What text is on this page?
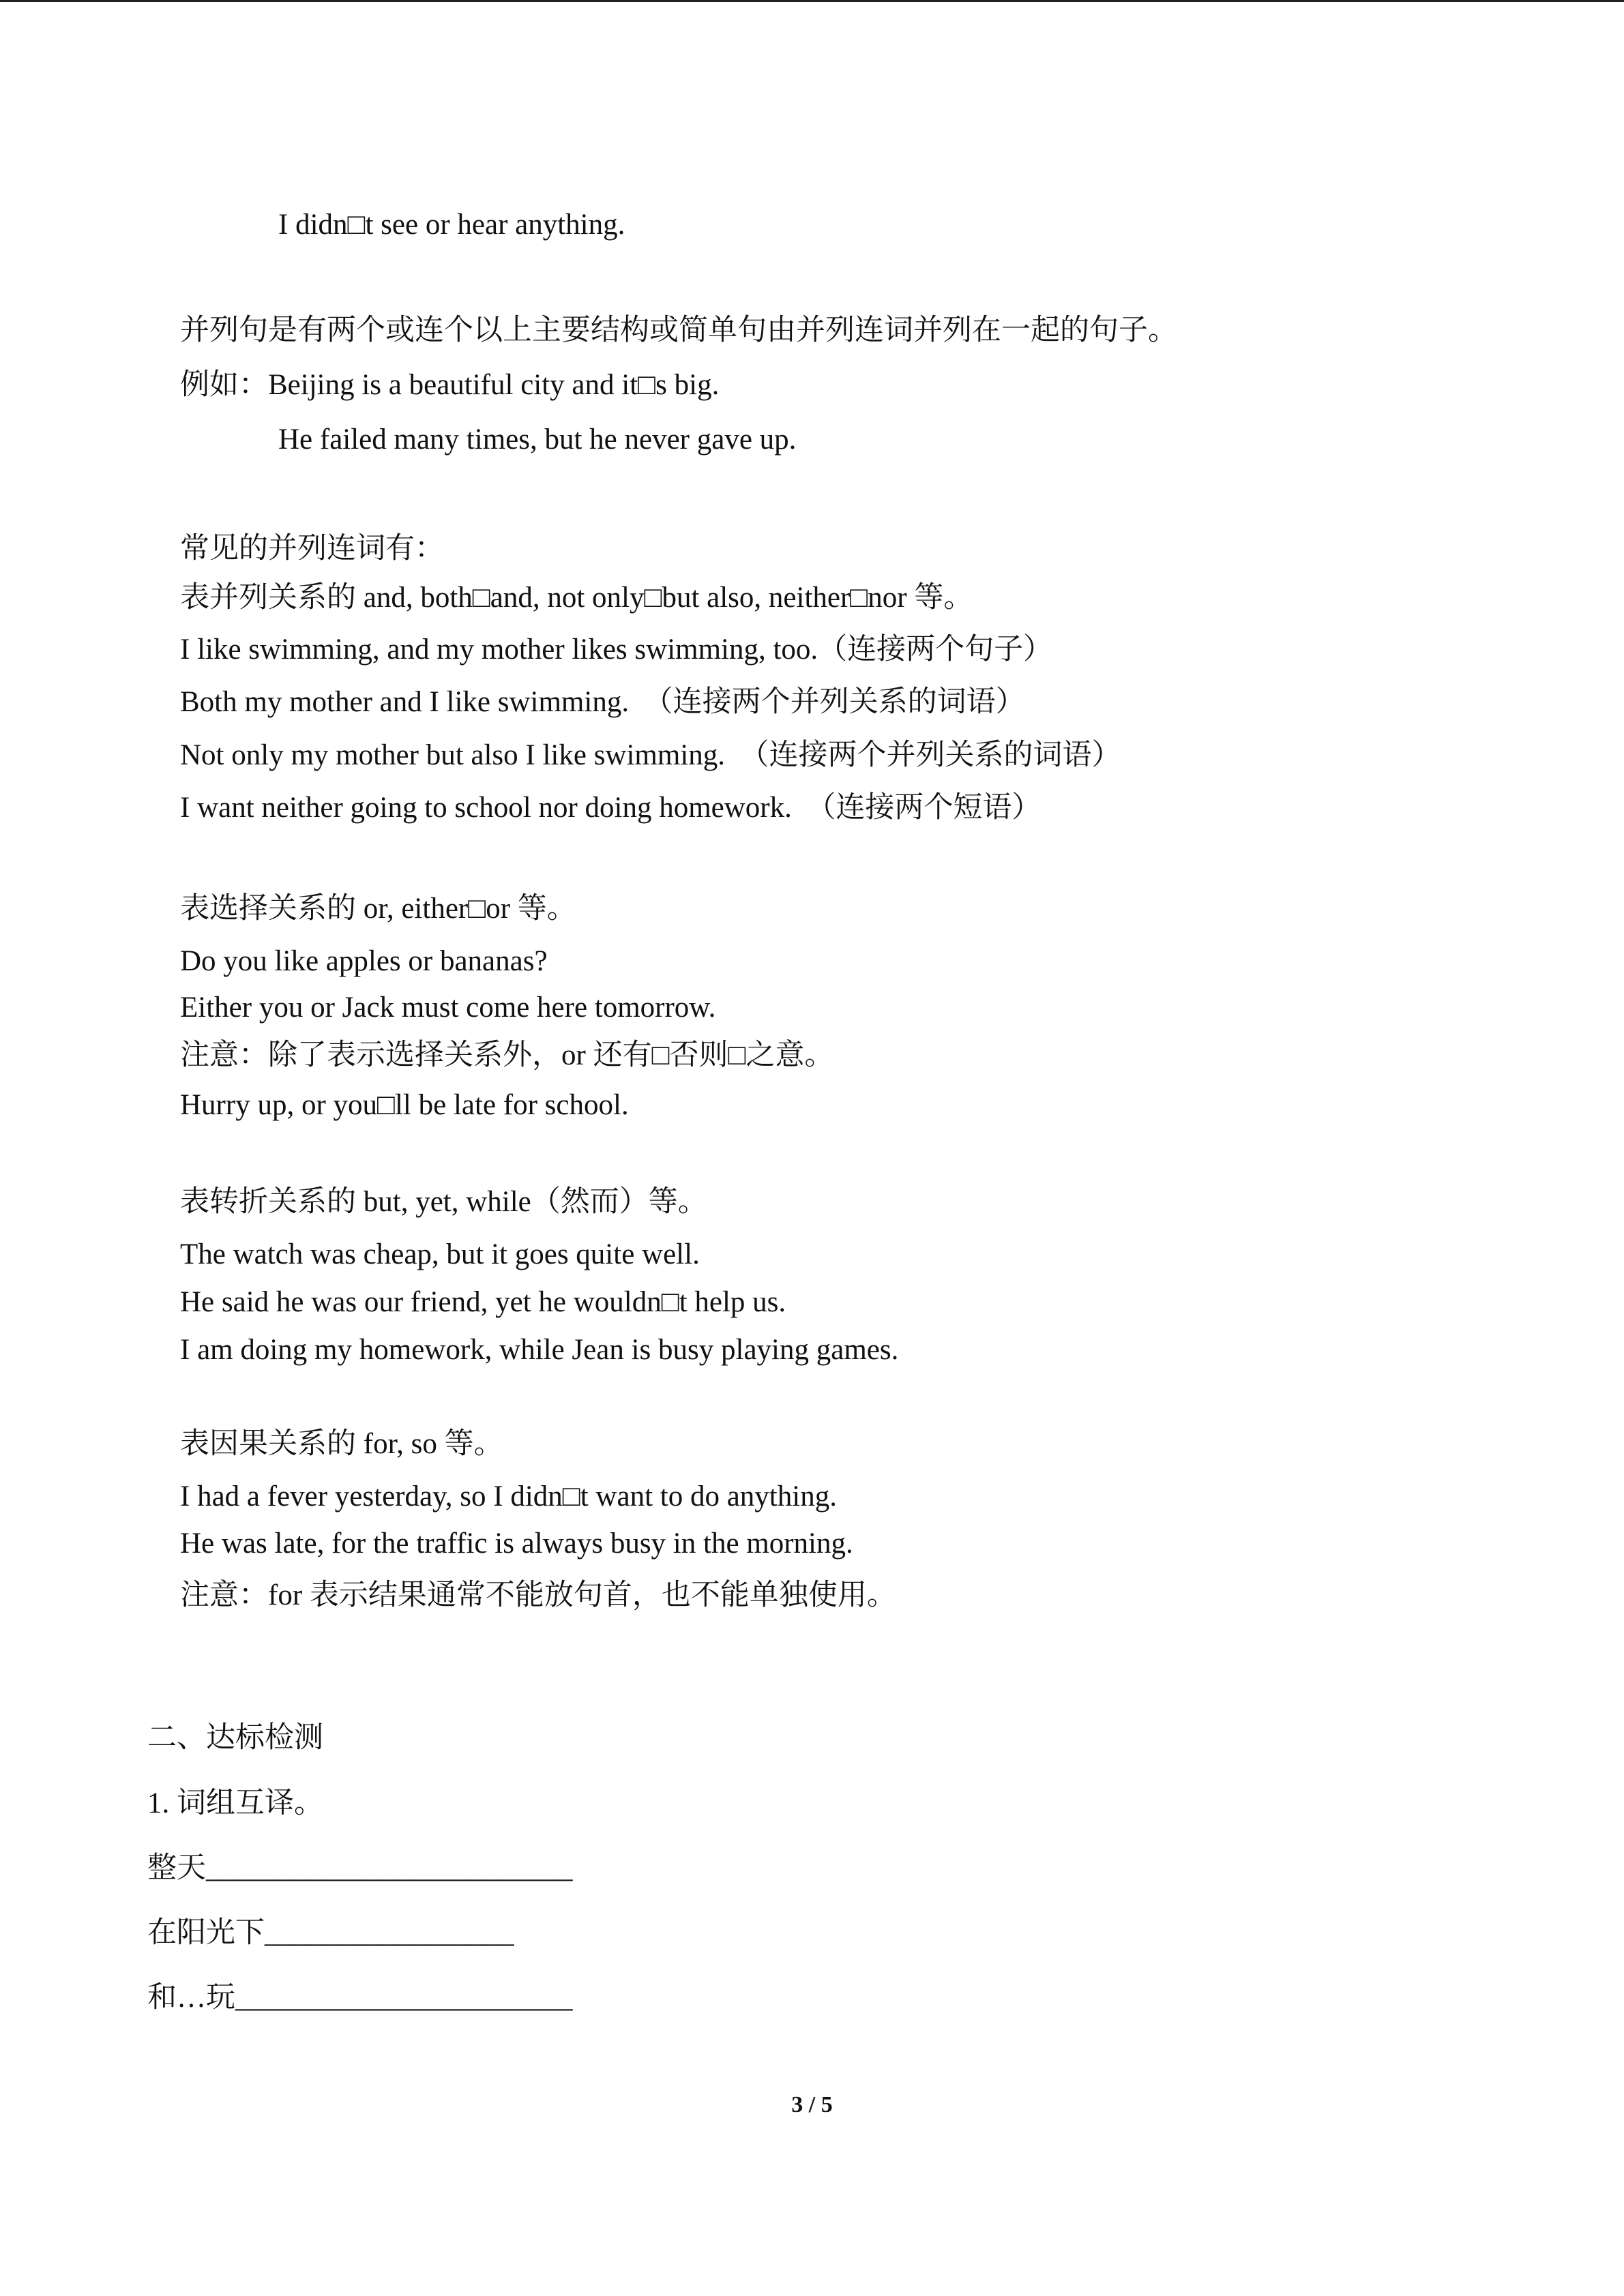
I didn□t see or hear anything.

并列句是有两个或连个以上主要结构或简单句由并列连词并列在一起的句子。

例如：Beijing is a beautiful city and it□s big.

He failed many times, but he never gave up.

常见的并列连词有：

表并列关系的 and, both□and, not only□but also, neither□nor 等。

I like swimming, and my mother likes swimming, too.（连接两个句子）

Both my mother and I like swimming.  （连接两个并列关系的词语）

Not only my mother but also I like swimming.  （连接两个并列关系的词语）

I want neither going to school nor doing homework.  （连接两个短语）

表选择关系的 or, either□or 等。

Do you like apples or bananas?

Either you or Jack must come here tomorrow.

注意：除了表示选择关系外，or 还有□否则□之意。

Hurry up, or you□ll be late for school.

表转折关系的 but, yet, while（然而）等。

The watch was cheap, but it goes quite well.

He said he was our friend, yet he wouldn□t help us.

I am doing my homework, while Jean is busy playing games.

表因果关系的 for, so 等。

I had a fever yesterday, so I didn□t want to do anything.

He was late, for the traffic is always busy in the morning.

注意：for 表示结果通常不能放句首，也不能单独使用。

二、达标检测

1. 词组互译。

整天_________________________

在阳光下_________________

和…玩_______________________

3 / 5
